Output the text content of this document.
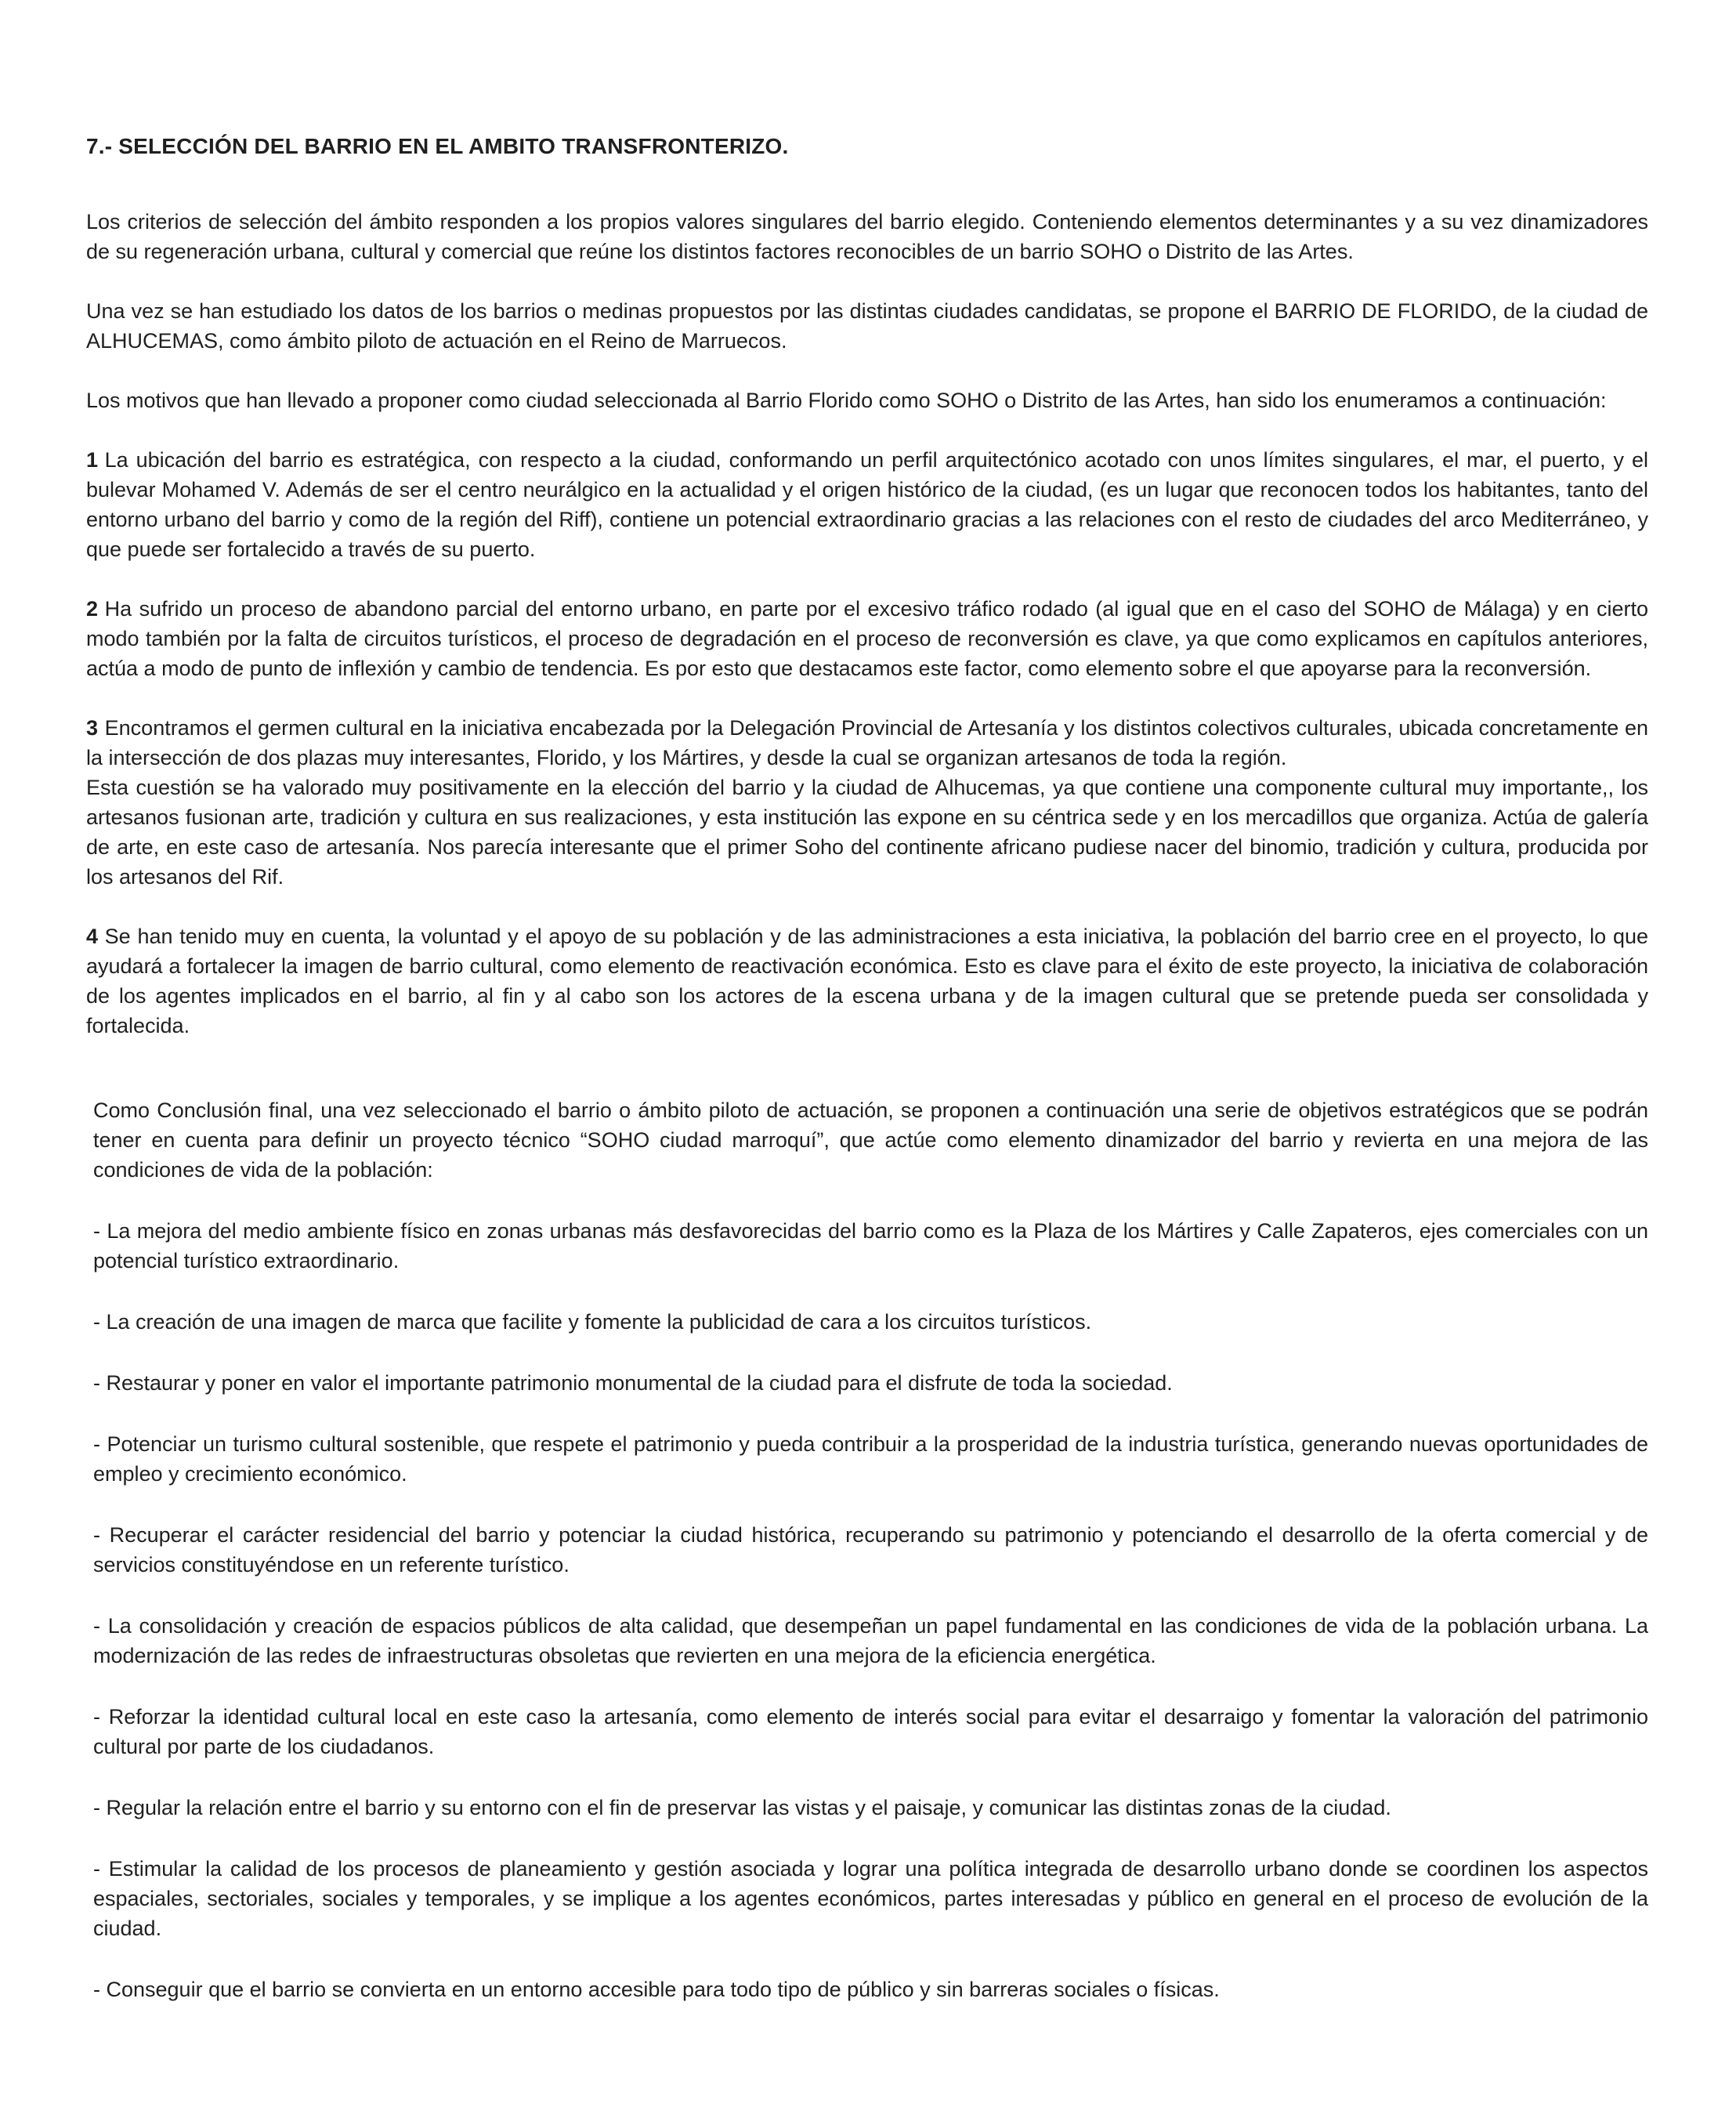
7.- SELECCIÓN DEL BARRIO EN EL AMBITO TRANSFRONTERIZO.

Los criterios de selección del ámbito responden a los propios valores singulares del barrio elegido. Conteniendo elementos determinantes y a su vez dinamizadores de su regeneración urbana, cultural y comercial que reúne los distintos factores reconocibles de un barrio SOHO o Distrito de las Artes.

Una vez se han estudiado los datos de los barrios o medinas propuestos por las distintas ciudades candidatas, se propone el BARRIO DE FLORIDO, de la ciudad de ALHUCEMAS, como ámbito piloto de actuación en el Reino de Marruecos.

Los motivos que han llevado a proponer como ciudad seleccionada al Barrio Florido como SOHO o Distrito de las Artes, han sido los enumeramos a continuación:

1 La ubicación del barrio es estratégica, con respecto a la ciudad, conformando un perfil arquitectónico acotado con unos límites singulares, el mar, el puerto, y el bulevar Mohamed V. Además de ser el centro neurálgico en la actualidad y el origen histórico de la ciudad, (es un lugar que reconocen todos los habitantes, tanto del entorno urbano del barrio y como de la región del Riff), contiene un potencial extraordinario gracias a las relaciones con el resto de ciudades del arco Mediterráneo, y que puede ser fortalecido a través de su puerto.

2 Ha sufrido un proceso de abandono parcial del entorno urbano, en parte por el excesivo tráfico rodado (al igual que en el caso del SOHO de Málaga) y en cierto modo también por la falta de circuitos turísticos, el proceso de degradación en el proceso de reconversión es clave, ya que como explicamos en capítulos anteriores, actúa a modo de punto de inflexión y cambio de tendencia. Es por esto que destacamos este factor, como elemento sobre el que apoyarse para la reconversión.

3 Encontramos el germen cultural en la iniciativa encabezada por la Delegación Provincial de Artesanía y los distintos colectivos culturales, ubicada concretamente en la intersección de dos plazas muy interesantes, Florido, y los Mártires, y desde la cual se organizan artesanos de toda la región.
Esta cuestión se ha valorado muy positivamente en la elección del barrio y la ciudad de Alhucemas, ya que contiene una componente cultural muy importante,, los artesanos fusionan arte, tradición y cultura en sus realizaciones, y esta institución las expone en su céntrica sede y en los mercadillos que organiza. Actúa de galería de arte, en este caso de artesanía. Nos parecía interesante que el primer Soho del continente africano pudiese nacer del binomio, tradición y cultura, producida por los artesanos del Rif.

4 Se han tenido muy en cuenta, la voluntad y el apoyo de su población y de las administraciones a esta iniciativa, la población del barrio cree en el proyecto, lo que ayudará a fortalecer la imagen de barrio cultural, como elemento de reactivación económica. Esto es clave para el éxito de este proyecto, la iniciativa de colaboración de los agentes implicados en el barrio, al fin y al cabo son los actores de la escena urbana y de la imagen cultural que se pretende pueda ser consolidada y fortalecida.

Como Conclusión final, una vez seleccionado el barrio o ámbito piloto de actuación, se proponen a continuación una serie de objetivos estratégicos que se podrán tener en cuenta para definir un proyecto técnico “SOHO ciudad marroquí”, que actúe como elemento dinamizador del barrio y revierta en una mejora de las condiciones de vida de la población:

- La mejora del medio ambiente físico en zonas urbanas más desfavorecidas del barrio como es la Plaza de los Mártires y Calle Zapateros, ejes comerciales con un potencial turístico extraordinario.

- La creación de una imagen de marca que facilite y fomente la publicidad de cara a los circuitos turísticos.

- Restaurar y poner en valor el importante patrimonio monumental de la ciudad para el disfrute de toda la sociedad.

- Potenciar un turismo cultural sostenible, que respete el patrimonio y pueda contribuir a la prosperidad de la industria turística, generando nuevas oportunidades de empleo y crecimiento económico.

- Recuperar el carácter residencial del barrio y potenciar la ciudad histórica, recuperando su patrimonio y potenciando el desarrollo de la oferta comercial y de servicios constituyéndose en un referente turístico.

- La consolidación y creación de espacios públicos de alta calidad, que desempeñan un papel fundamental en las condiciones de vida de la población urbana. La modernización de las redes de infraestructuras obsoletas que revierten en una mejora de la eficiencia energética.

- Reforzar la identidad cultural local en este caso la artesanía, como elemento de interés social para evitar el desarraigo y fomentar la valoración del patrimonio cultural por parte de los ciudadanos.

- Regular la relación entre el barrio y su entorno con el fin de preservar las vistas y el paisaje, y comunicar las distintas zonas de la ciudad.

- Estimular la calidad de los procesos de planeamiento y gestión asociada y lograr una política integrada de desarrollo urbano donde se coordinen los aspectos espaciales, sectoriales, sociales y temporales, y se implique a los agentes económicos, partes interesadas y público en general en el proceso de evolución de la ciudad.

- Conseguir que el barrio se convierta en un entorno accesible para todo tipo de público y sin barreras sociales o físicas.
